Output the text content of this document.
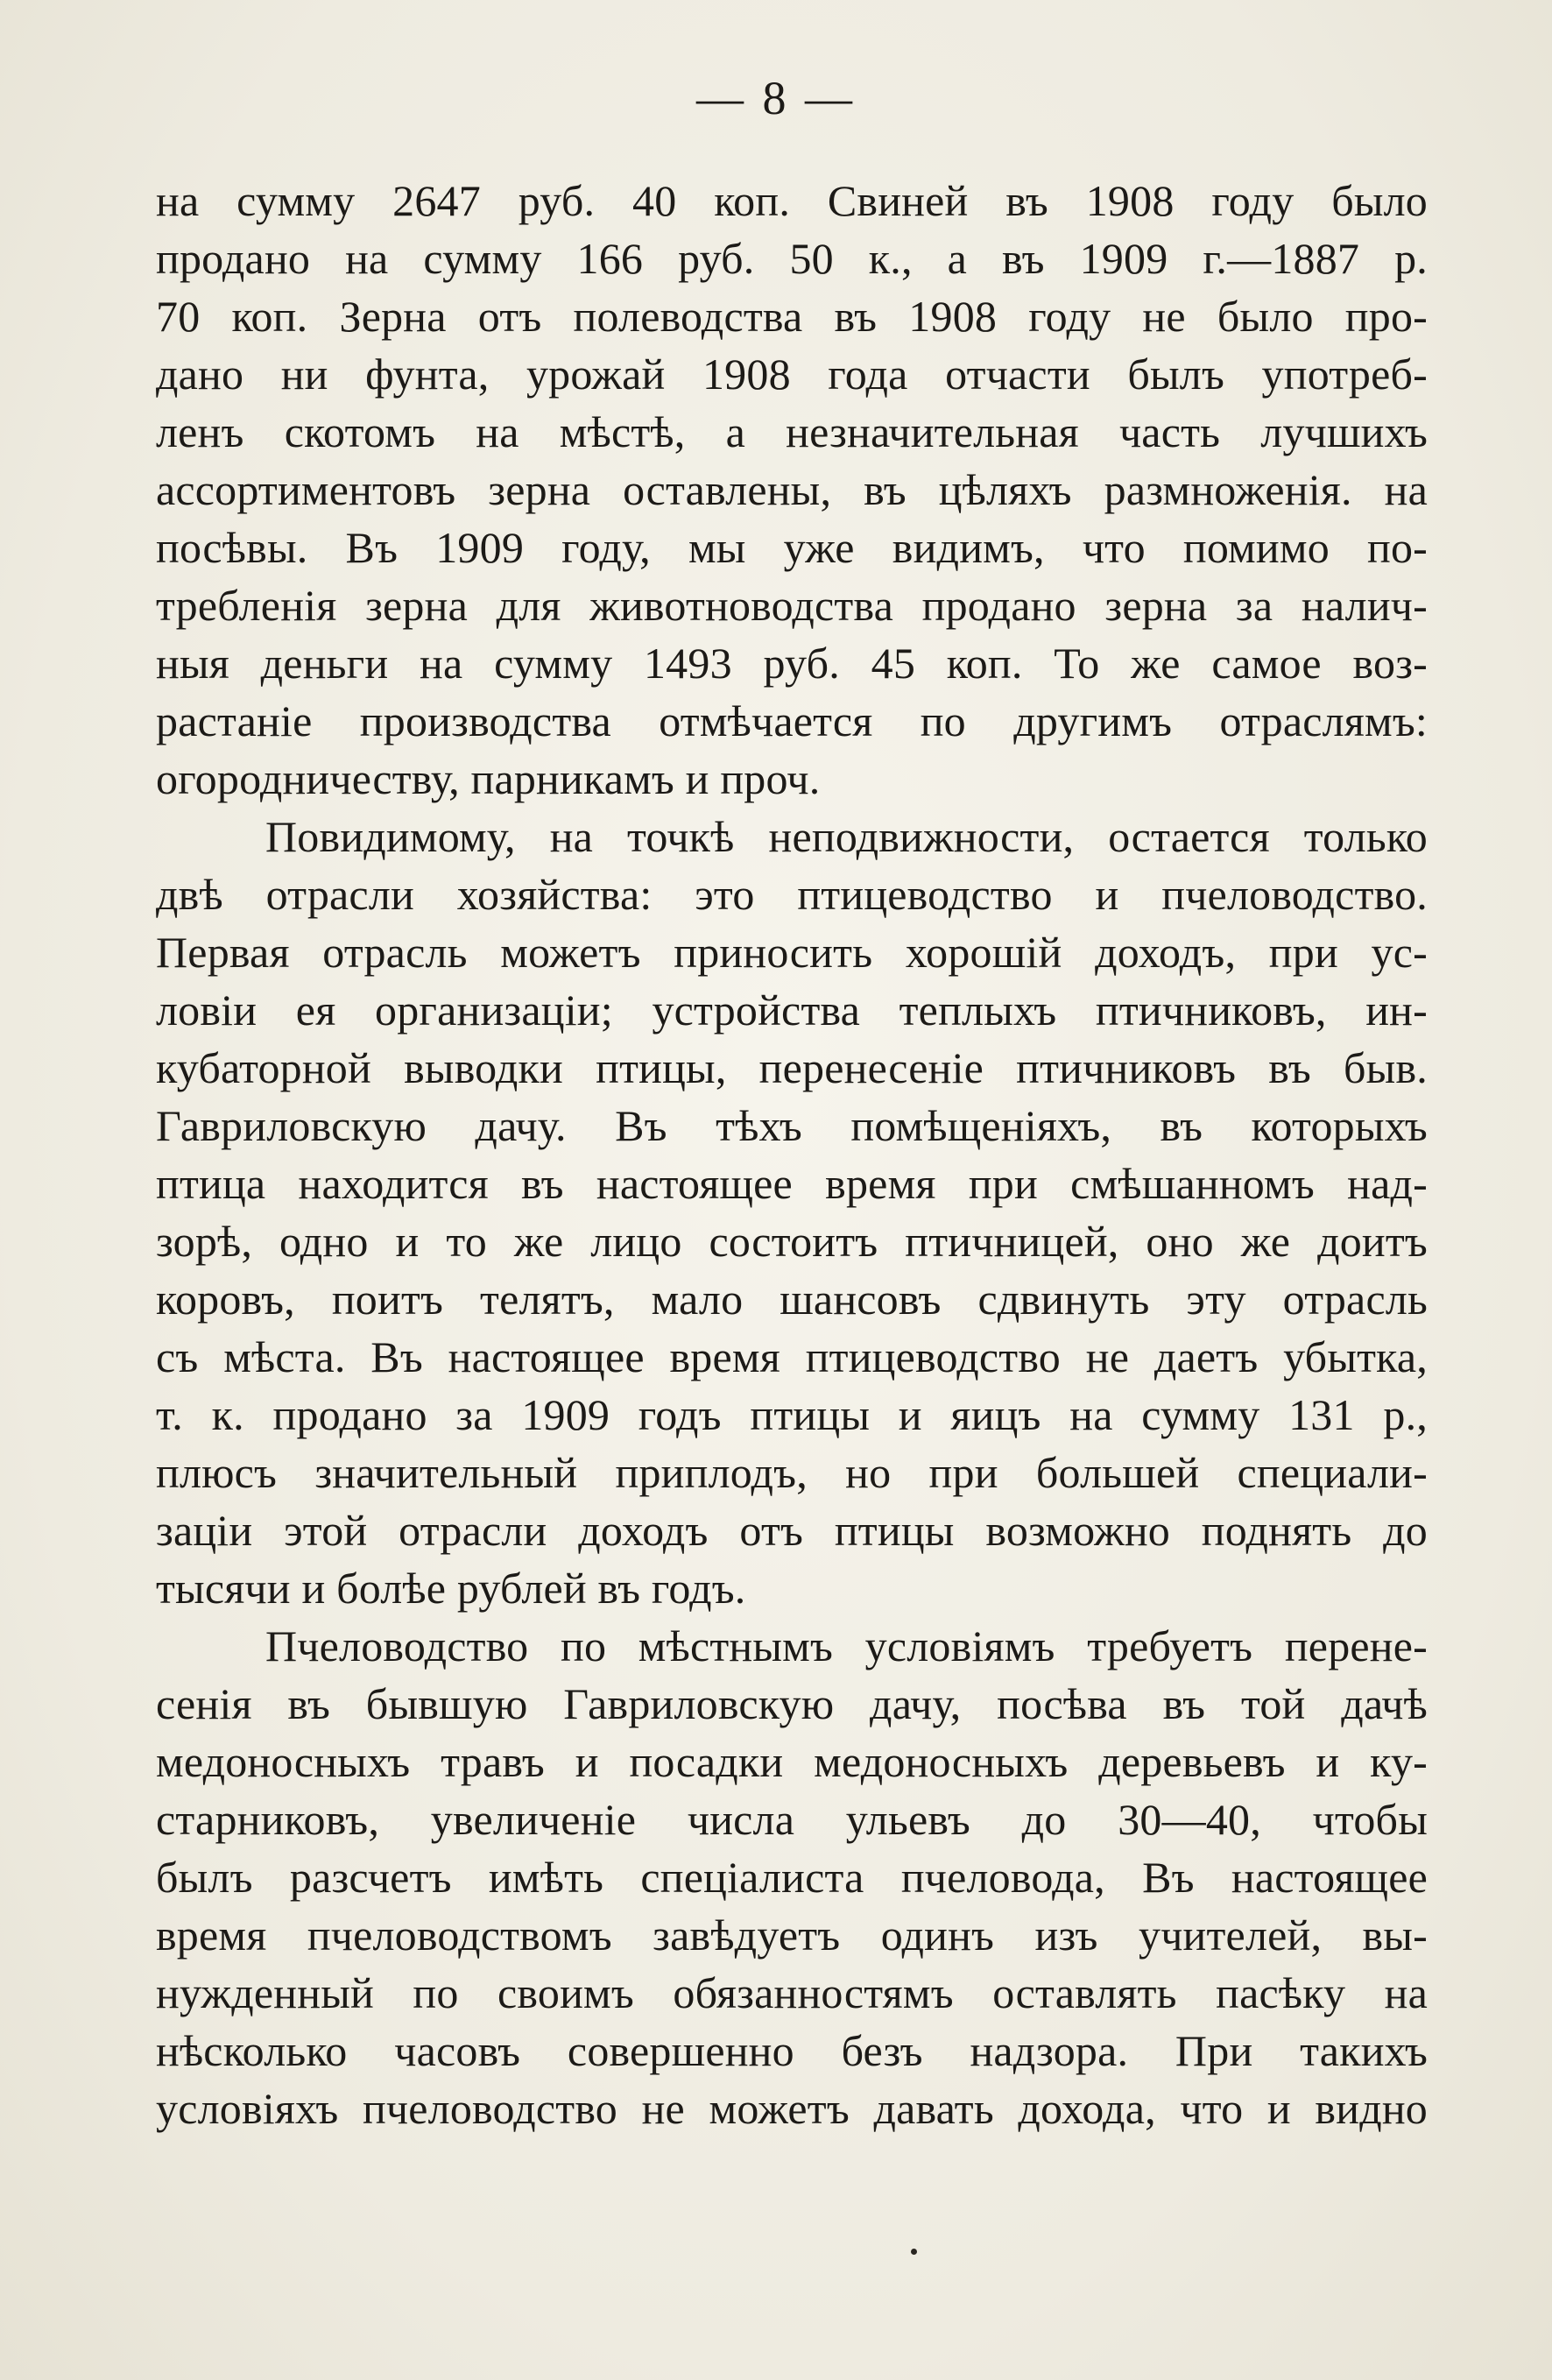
— 8 —
на сумму 2647 руб. 40 коп. Свиней въ 1908 году было
продано на сумму 166 руб. 50 к., а въ 1909 г.—1887 р.
70 коп. Зерна отъ полеводства въ 1908 году не было про-
дано ни фунта, урожай 1908 года отчасти былъ употреб-
ленъ скотомъ на мѣстѣ, а незначительная часть лучшихъ
ассортиментовъ зерна оставлены, въ цѣляхъ размноженія. на
посѣвы. Въ 1909 году, мы уже видимъ, что помимо по-
требленія зерна для животноводства продано зерна за налич-
ныя деньги на сумму 1493 руб. 45 коп. То же самое воз-
растаніе производства отмѣчается по другимъ отраслямъ:
огородничеству, парникамъ и проч.
Повидимому, на точкѣ неподвижности, остается только
двѣ отрасли хозяйства: это птицеводство и пчеловодство.
Первая отрасль можетъ приносить хорошій доходъ, при ус-
ловіи ея организаціи; устройства теплыхъ птичниковъ, ин-
кубаторной выводки птицы, перенесеніе птичниковъ въ быв.
Гавриловскую дачу. Въ тѣхъ помѣщеніяхъ, въ которыхъ
птица находится въ настоящее время при смѣшанномъ над-
зорѣ, одно и то же лицо состоитъ птичницей, оно же доитъ
коровъ, поитъ телятъ, мало шансовъ сдвинуть эту отрасль
съ мѣста. Въ настоящее время птицеводство не даетъ убытка,
т. к. продано за 1909 годъ птицы и яицъ на сумму 131 р.,
плюсъ значительный приплодъ, но при большей специали-
заціи этой отрасли доходъ отъ птицы возможно поднять до
тысячи и болѣе рублей въ годъ.
Пчеловодство по мѣстнымъ условіямъ требуетъ перене-
сенія въ бывшую Гавриловскую дачу, посѣва въ той дачѣ
медоносныхъ травъ и посадки медоносныхъ деревьевъ и ку-
старниковъ, увеличеніе числа ульевъ до 30—40, чтобы
былъ разсчетъ имѣть спеціалиста пчеловода, Въ настоящее
время пчеловодствомъ завѣдуетъ одинъ изъ учителей, вы-
нужденный по своимъ обязанностямъ оставлять пасѣку на
нѣсколько часовъ совершенно безъ надзора. При такихъ
условіяхъ пчеловодство не можетъ давать дохода, что и видно
